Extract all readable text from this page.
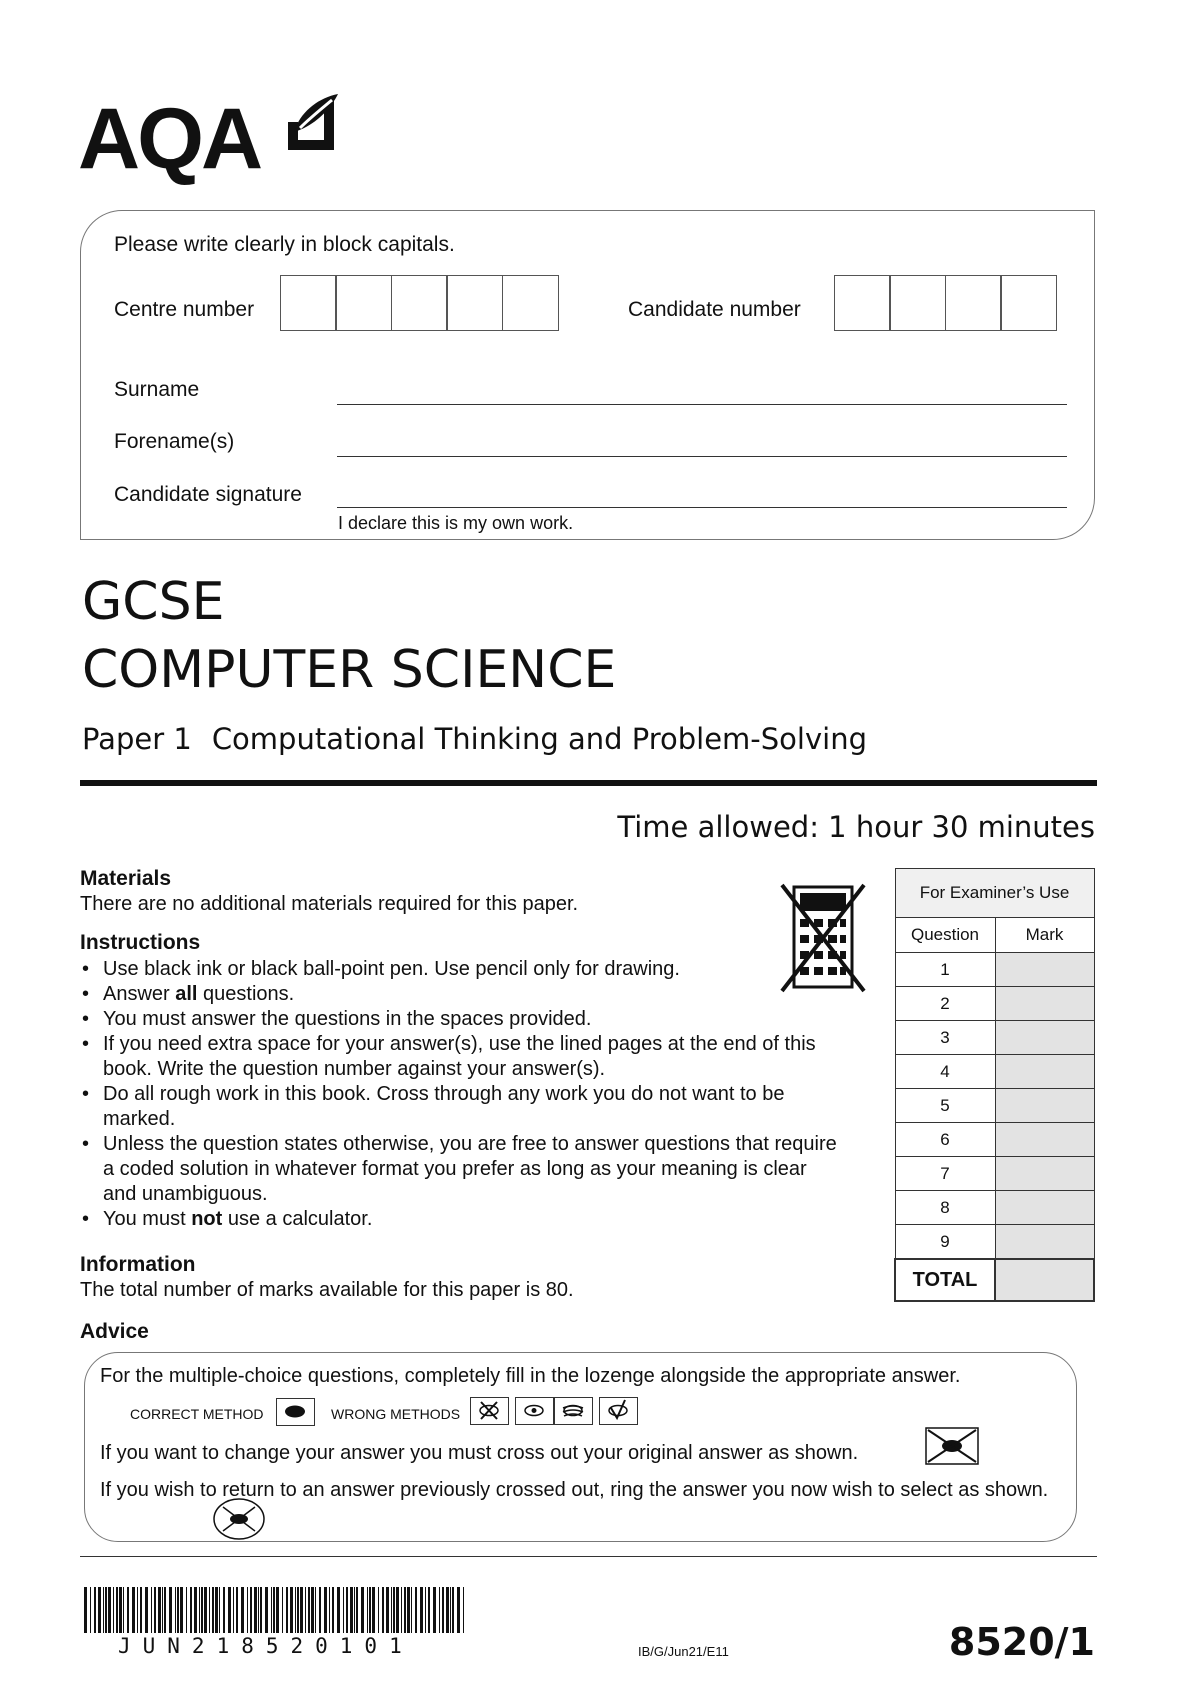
AQA
Please write clearly in block capitals.
Centre number	Candidate number
Surname
Forename(s)
Candidate signature
I declare this is my own work.
GCSE
COMPUTER SCIENCE
Paper 1 Computational Thinking and Problem-Solving
Time allowed: 1 hour 30 minutes
Materials
There are no additional materials required for this paper.
Instructions
• Use black ink or black ball-point pen. Use pencil only for drawing.
• Answer all questions.
• You must answer the questions in the spaces provided.
• If you need extra space for your answer(s), use the lined pages at the end of this book. Write the question number against your answer(s).
• Do all rough work in this book. Cross through any work you do not want to be marked.
• Unless the question states otherwise, you are free to answer questions that require a coded solution in whatever format you prefer as long as your meaning is clear and unambiguous.
• You must not use a calculator.
Information
The total number of marks available for this paper is 80.
For Examiner’s Use	
Question	Mark
1	
2	
3	
4	
5	
6	
7	
8	
9	
TOTAL	
Advice
For the multiple-choice questions, completely fill in the lozenge alongside the appropriate answer.
CORRECT METHOD	WRONG METHODS
If you want to change your answer you must cross out your original answer as shown.
If you wish to return to an answer previously crossed out, ring the answer you now wish to select as shown.
JUN218520101	IB/G/Jun21/E11	8520/1
